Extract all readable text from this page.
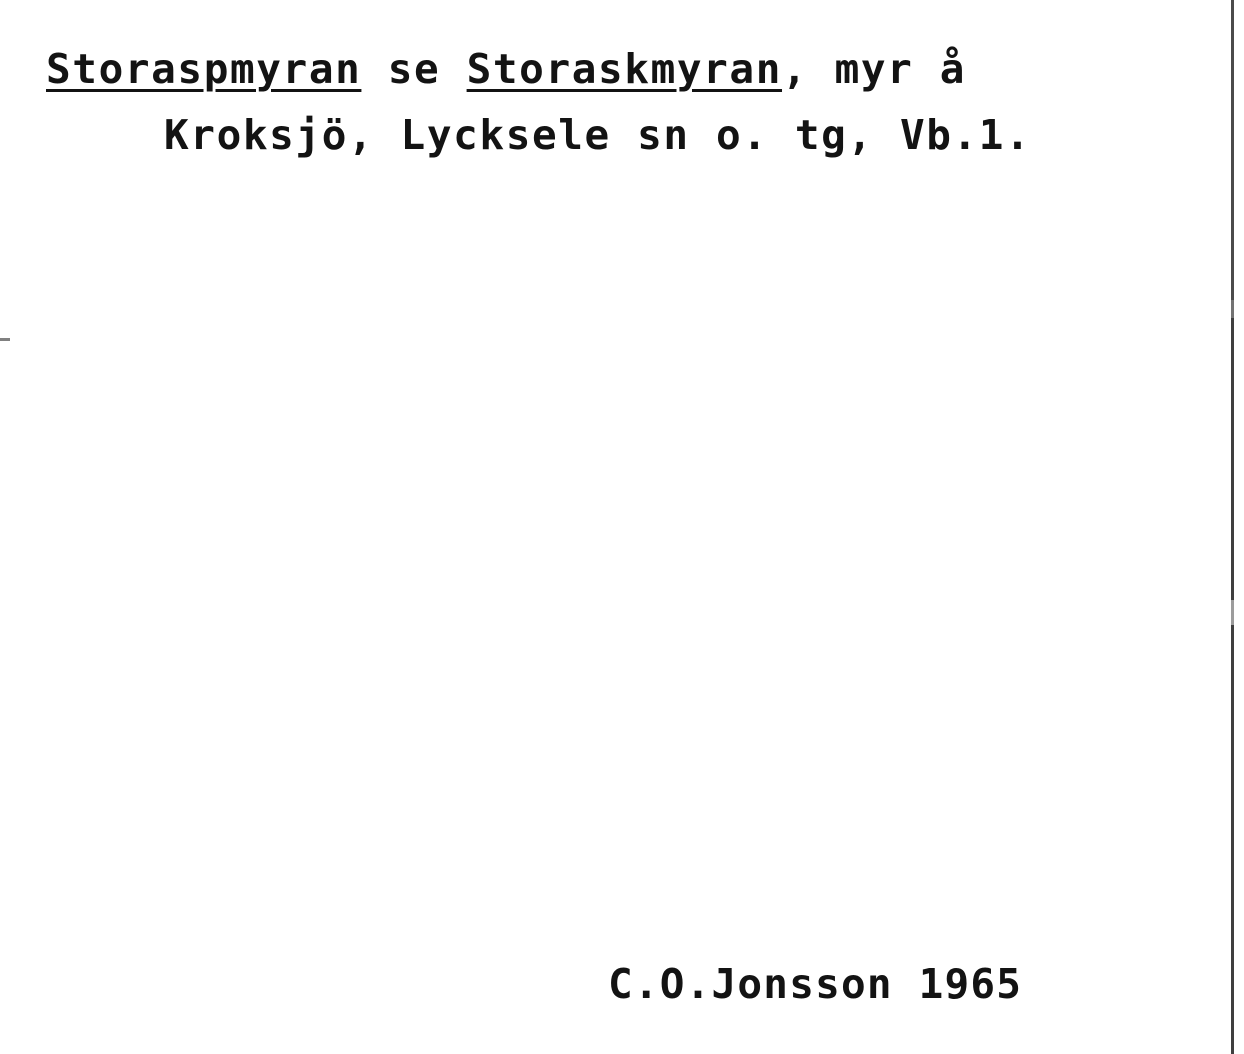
Storaspmyran se Storaskmyran, myr å
Kroksjö, Lycksele sn o. tg, Vb.1.
C.O.Jonsson 1965
